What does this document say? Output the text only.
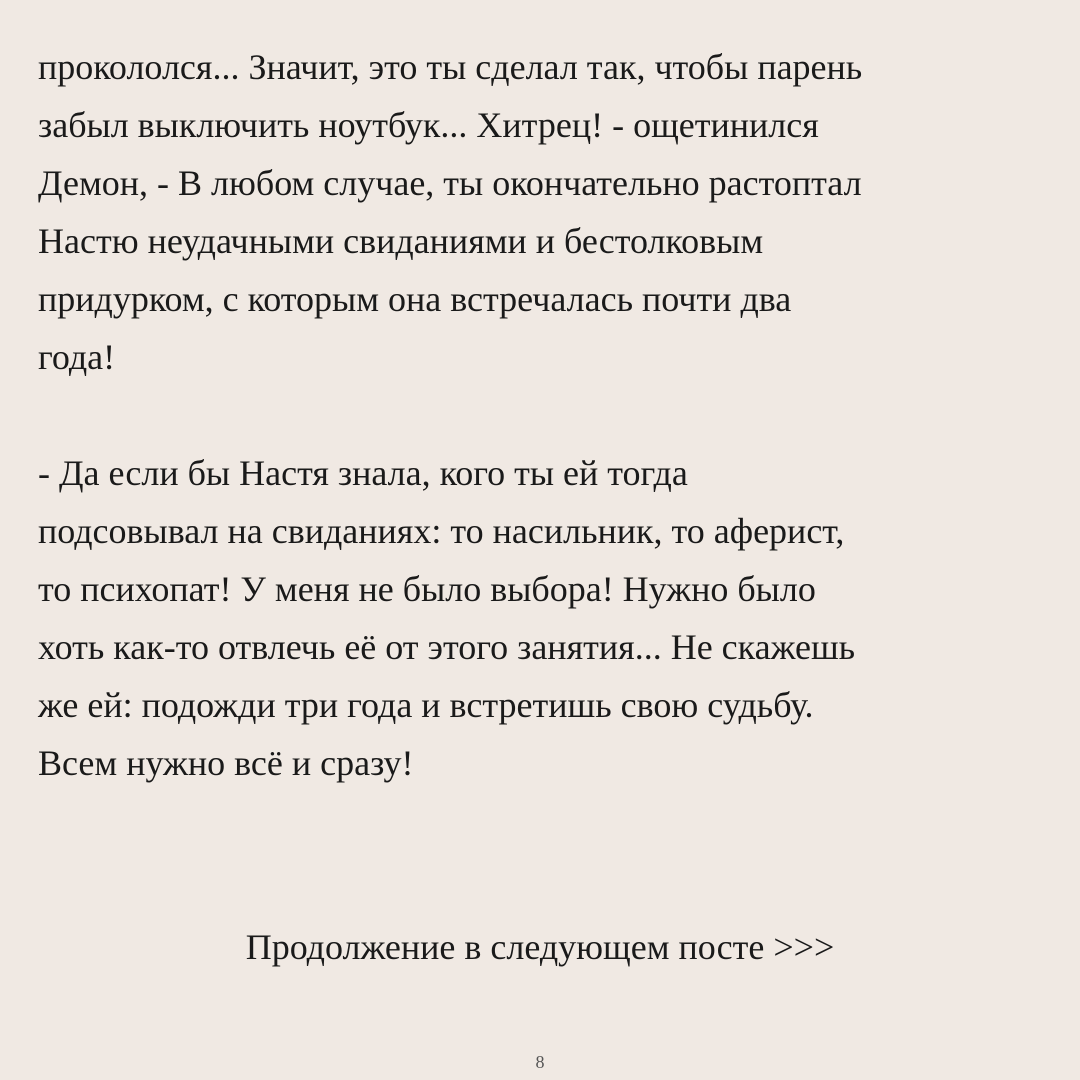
прокололся... Значит, это ты сделал так, чтобы парень
забыл выключить ноутбук... Хитрец! - ощетинился
Демон, - В любом случае, ты окончательно растоптал
Настю неудачными свиданиями и бестолковым
придурком, с которым она встречалась почти два
года!

- Да если бы Настя знала, кого ты ей тогда
подсовывал на свиданиях: то насильник, то аферист,
то психопат! У меня не было выбора! Нужно было
хоть как-то отвлечь её от этого занятия... Не скажешь
же ей: подожди три года и встретишь свою судьбу.
Всем нужно всё и сразу!

Продолжение в следующем посте >>>
8
